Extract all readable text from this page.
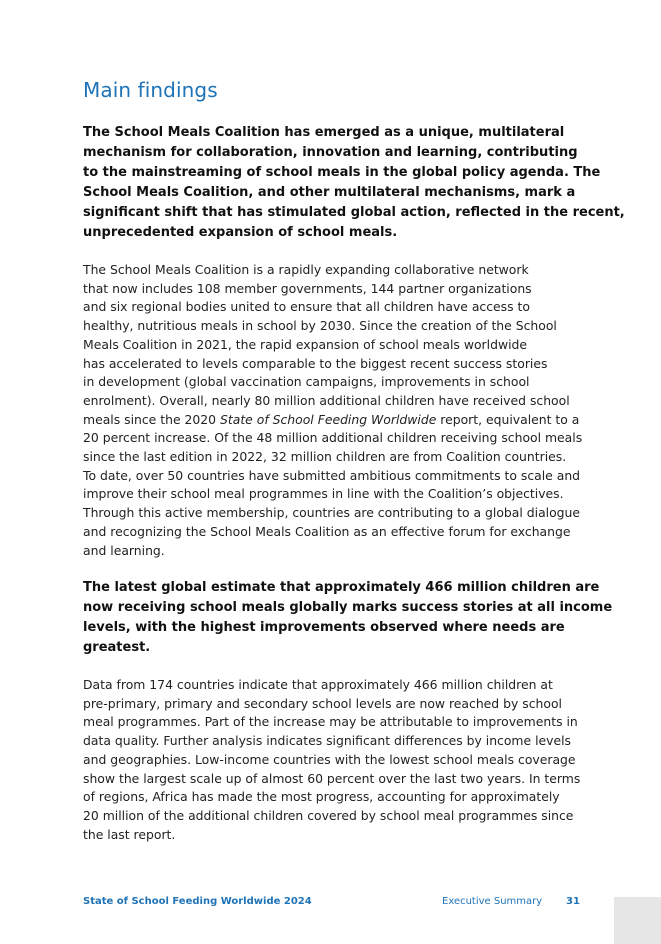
Main findings

The School Meals Coalition has emerged as a unique, multilateral
mechanism for collaboration, innovation and learning, contributing
to the mainstreaming of school meals in the global policy agenda. The
School Meals Coalition, and other multilateral mechanisms, mark a
significant shift that has stimulated global action, reflected in the recent,
unprecedented expansion of school meals.

The School Meals Coalition is a rapidly expanding collaborative network
that now includes 108 member governments, 144 partner organizations
and six regional bodies united to ensure that all children have access to
healthy, nutritious meals in school by 2030. Since the creation of the School
Meals Coalition in 2021, the rapid expansion of school meals worldwide
has accelerated to levels comparable to the biggest recent success stories
in development (global vaccination campaigns, improvements in school
enrolment). Overall, nearly 80 million additional children have received school
meals since the 2020 State of School Feeding Worldwide report, equivalent to a
20 percent increase. Of the 48 million additional children receiving school meals
since the last edition in 2022, 32 million children are from Coalition countries.
To date, over 50 countries have submitted ambitious commitments to scale and
improve their school meal programmes in line with the Coalition’s objectives.
Through this active membership, countries are contributing to a global dialogue
and recognizing the School Meals Coalition as an effective forum for exchange
and learning.

The latest global estimate that approximately 466 million children are
now receiving school meals globally marks success stories at all income
levels, with the highest improvements observed where needs are
greatest.

Data from 174 countries indicate that approximately 466 million children at
pre-primary, primary and secondary school levels are now reached by school
meal programmes. Part of the increase may be attributable to improvements in
data quality. Further analysis indicates significant differences by income levels
and geographies. Low-income countries with the lowest school meals coverage
show the largest scale up of almost 60 percent over the last two years. In terms
of regions, Africa has made the most progress, accounting for approximately
20 million of the additional children covered by school meal programmes since
the last report.

State of School Feeding Worldwide 2024	Executive Summary 31
